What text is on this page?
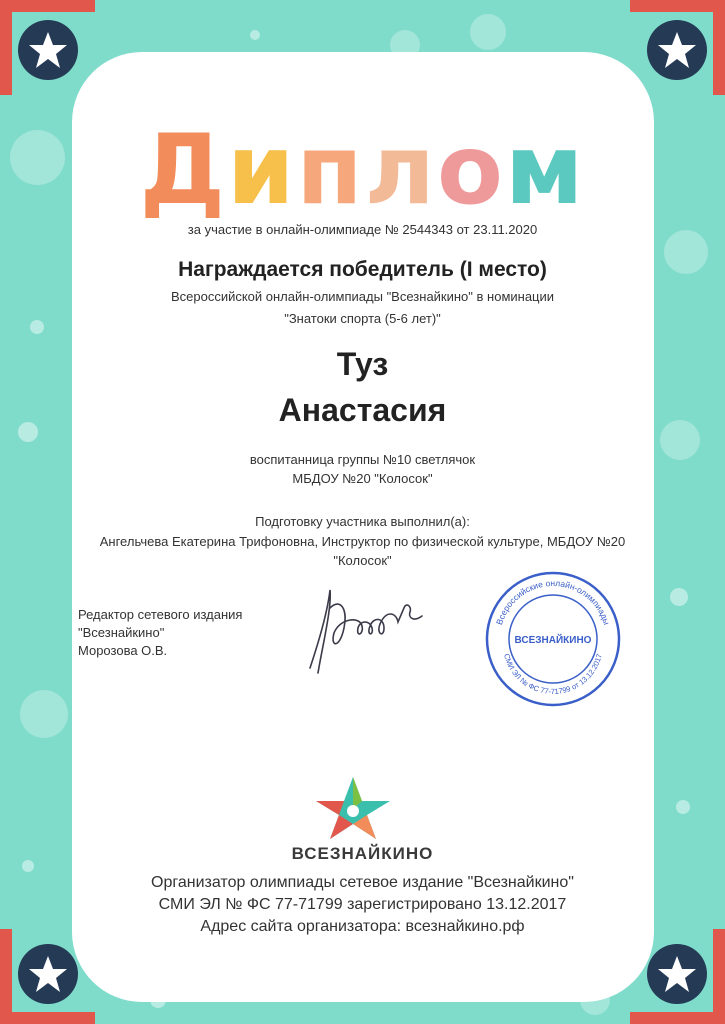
Диплом
за участие в онлайн-олимпиаде № 2544343 от 23.11.2020
Награждается победитель (I место)
Всероссийской онлайн-олимпиады "Всезнайкино" в номинации
"Знатоки спорта (5-6 лет)"
Туз
Анастасия
воспитанница группы №10 светлячок
МБДОУ №20 "Колосок"
Подготовку участника выполнил(а):
Ангельчева Екатерина Трифоновна, Инструктор по физической культуре, МБДОУ №20
"Колосок"
Редактор сетевого издания
"Всезнайкино"
Морозова О.В.
Всероссийские онлайн-олимпиады
СМИ ЭЛ № ФС 77-71799 от 13.12.2017
ВСЕЗНАЙКИНО
ВСЕЗНАЙКИНО
Организатор олимпиады сетевое издание "Всезнайкино"
СМИ ЭЛ № ФС 77-71799 зарегистрировано 13.12.2017
Адрес сайта организатора: всезнайкино.рф
